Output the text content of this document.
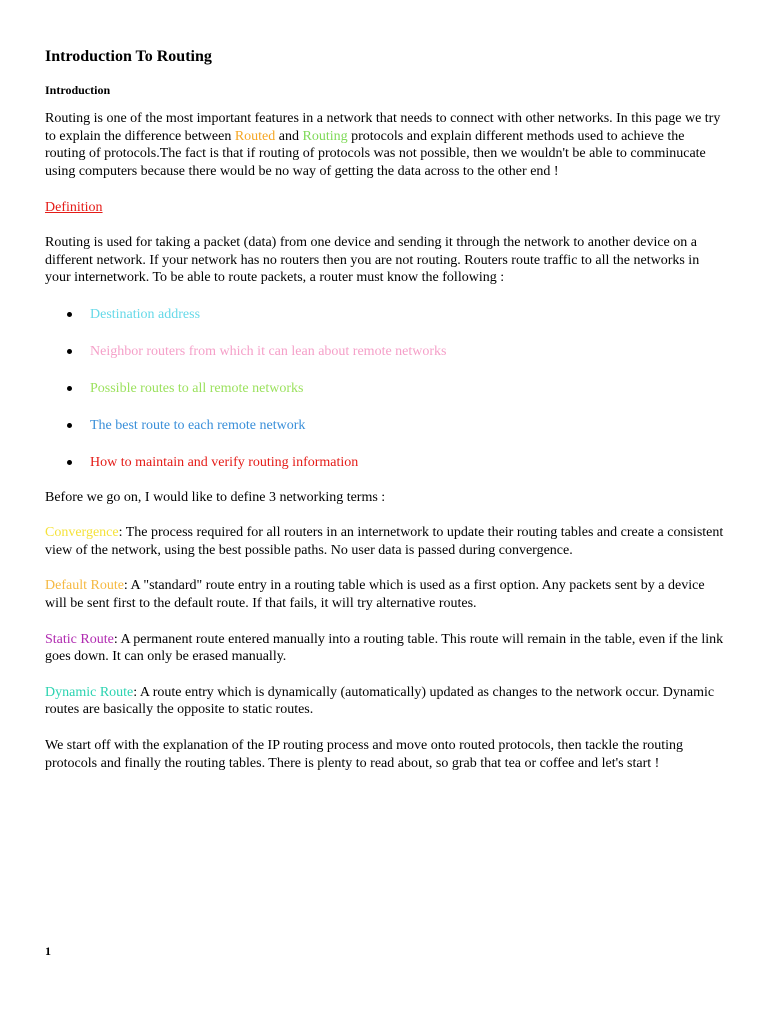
Introduction To Routing
Introduction

Routing is one of the most important features in a network that needs to connect with other networks. In this page we try to explain the difference between Routed and Routing protocols and explain different methods used to achieve the routing of protocols.The fact is that if routing of protocols was not possible, then we wouldn't be able to comminucate using computers because there would be no way of getting the data across to the other end !

Definition

Routing is used for taking a packet (data) from one device and sending it through the network to another device on a different network. If your network has no routers then you are not routing. Routers route traffic to all the networks in your internetwork. To be able to route packets, a router must know the following :

Destination address
Neighbor routers from which it can lean about remote networks
Possible routes to all remote networks
The best route to each remote network
How to maintain and verify routing information

Before we go on, I would like to define 3 networking terms :

Convergence: The process required for all routers in an internetwork to update their routing tables and create a consistent view of the network, using the best possible paths. No user data is passed during convergence.

Default Route: A "standard" route entry in a routing table which is used as a first option. Any packets sent by a device will be sent first to the default route. If that fails, it will try alternative routes.

Static Route: A permanent route entered manually into a routing table. This route will remain in the table, even if the link goes down. It can only be erased manually.

Dynamic Route: A route entry which is dynamically (automatically) updated as changes to the network occur. Dynamic routes are basically the opposite to static routes.

We start off with the explanation of the IP routing process and move onto routed protocols, then tackle the routing protocols and finally the routing tables. There is plenty to read about, so grab that tea or coffee and let's start !

1
